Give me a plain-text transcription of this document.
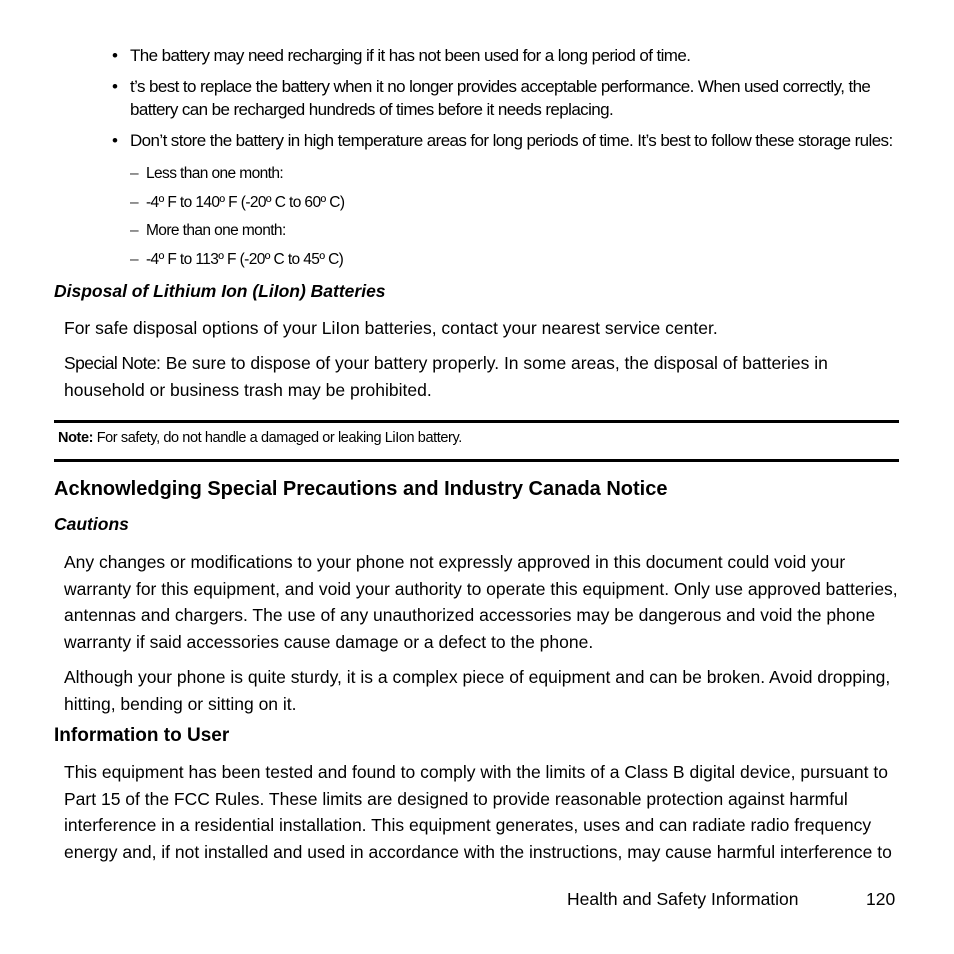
• The battery may need recharging if it has not been used for a long period of time.
• t’s best to replace the battery when it no longer provides acceptable performance. When used correctly, the battery can be recharged hundreds of times before it needs replacing.
• Don’t store the battery in high temperature areas for long periods of time. It’s best to follow these storage rules:
– Less than one month:
– -4º F to 140º F (-20º C to 60º C)
– More than one month:
– -4º F to 113º F (-20º C to 45º C)
Disposal of Lithium Ion (LiIon) Batteries
For safe disposal options of your LiIon batteries, contact your nearest service center.
Special Note: Be sure to dispose of your battery properly. In some areas, the disposal of batteries in household or business trash may be prohibited.
Note: For safety, do not handle a damaged or leaking LiIon battery.
Acknowledging Special Precautions and Industry Canada Notice
Cautions
Any changes or modifications to your phone not expressly approved in this document could void your warranty for this equipment, and void your authority to operate this equipment. Only use approved batteries, antennas and chargers. The use of any unauthorized accessories may be dangerous and void the phone warranty if said accessories cause damage or a defect to the phone.
Although your phone is quite sturdy, it is a complex piece of equipment and can be broken. Avoid dropping, hitting, bending or sitting on it.
Information to User
This equipment has been tested and found to comply with the limits of a Class B digital device, pursuant to Part 15 of the FCC Rules. These limits are designed to provide reasonable protection against harmful interference in a residential installation. This equipment generates, uses and can radiate radio frequency energy and, if not installed and used in accordance with the instructions, may cause harmful interference to
Health and Safety Information	120
